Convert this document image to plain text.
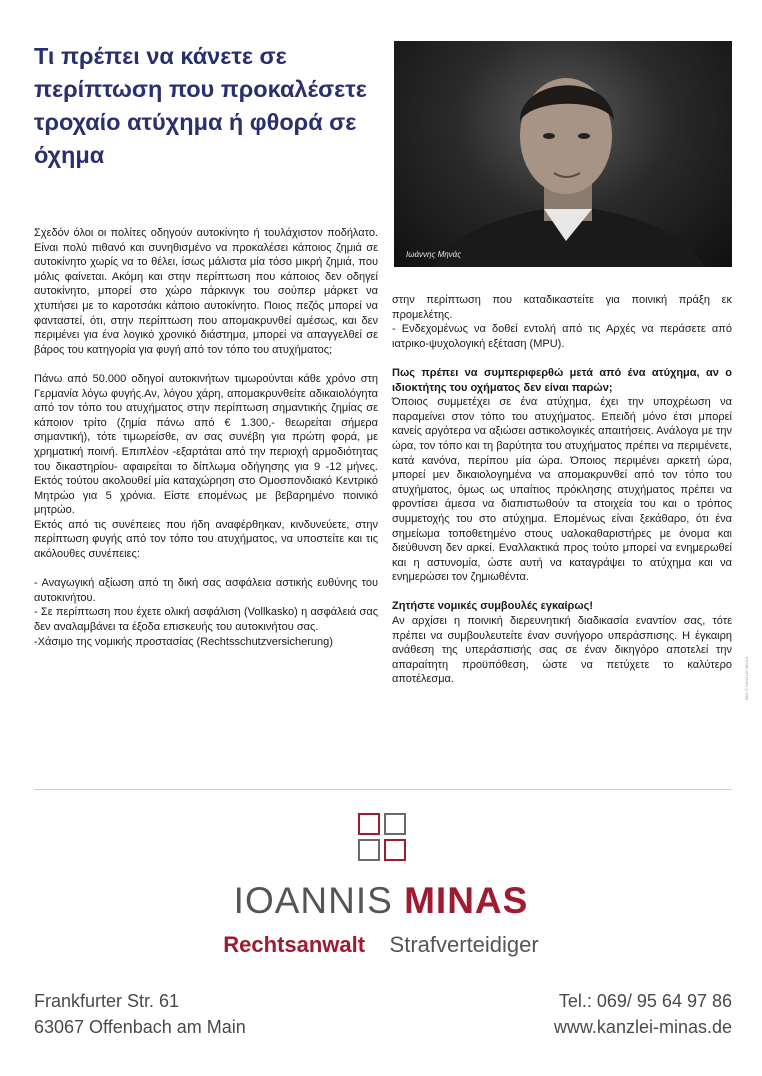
Τι πρέπει να κάνετε σε περίπτωση που προκαλέσετε τροχαίο ατύχημα ή φθορά σε όχημα
Ιωάννης Μηνάς

Σχεδόν όλοι οι πολίτες οδηγούν αυτοκίνητο ή τουλάχιστον ποδήλατο. Είναι πολύ πιθανό και συνηθισμένο να προκαλέσει κάποιος ζημιά σε αυτοκίνητο χωρίς να το θέλει, ίσως μάλιστα μία τόσο μικρή ζημιά, που μόλις φαίνεται. Ακόμη και στην περίπτωση που κάποιος δεν οδηγεί αυτοκίνητο, μπορεί στο χώρο πάρκινγκ του σούπερ μάρκετ να χτυπήσει με το καροτσάκι κάποιο αυτοκίνητο. Ποιος πεζός μπορεί να φανταστεί, ότι, στην περίπτωση που απομακρυνθεί αμέσως, και δεν περιμένει για ένα λογικό χρονικό διάστημα, μπορεί να απαγγελθεί σε βάρος του κατηγορία για φυγή από τον τόπο του ατυχήματος;

Πάνω από 50.000 οδηγοί αυτοκινήτων τιμωρούνται κάθε χρόνο στη Γερμανία λόγω φυγής.Αν, λόγου χάρη, απομακρυνθείτε αδικαιολόγητα από τον τόπο του ατυχήματος στην περίπτωση σημαντικής ζημίας σε κάποιον τρίτο (ζημία πάνω από € 1.300,- θεωρείται σήμερα σημαντική), τότε τιμωρείσθε, αν σας συνέβη για πρώτη φορά, με χρηματική ποινή. Επιπλέον -εξαρτάται από την περιοχή αρμοδιότητας του δικαστηρίου- αφαιρείται το δίπλωμα οδήγησης για 9 -12 μήνες. Εκτός τούτου ακολουθεί μία καταχώρηση στο Ομοσπονδιακό Κεντρικό Μητρώο για 5 χρόνια. Είστε επομένως με βεβαρημένο ποινικό μητρώο.

Εκτός από τις συνέπειες που ήδη αναφέρθηκαν, κινδυνεύετε, στην περίπτωση φυγής από τον τόπο του ατυχήματος, να υποστείτε και τις ακόλουθες συνέπειες:

- Αναγωγική αξίωση από τη δική σας ασφάλεια αστικής ευθύνης του αυτοκινήτου.

- Σε περίπτωση που έχετε ολική ασφάλιση (Vollkasko) η ασφάλειά σας δεν αναλαμβάνει τα έξοδα επισκευής του αυτοκινήτου σας.

-Χάσιμο της νομικής προστασίας (Rechtsschutzversicherung)

στην περίπτωση που καταδικαστείτε για ποινική πράξη εκ προμελέτης.

- Ενδεχομένως να δοθεί εντολή από τις Αρχές να περάσετε από ιατρικο-ψυχολογική εξέταση (MPU).

Πως πρέπει να συμπεριφερθώ μετά από ένα ατύχημα, αν ο ιδιοκτήτης του οχήματος δεν είναι παρών;

Όποιος συμμετέχει σε ένα ατύχημα, έχει την υποχρέωση να παραμείνει στον τόπο του ατυχήματος. Επειδή μόνο έτσι μπορεί κανείς αργότερα να αξιώσει αστικολογικές απαιτήσεις. Ανάλογα με την ώρα, τον τόπο και τη βαρύτητα του ατυχήματος πρέπει να περιμένετε, κατά κανόνα, περίπου μία ώρα. Όποιος περιμένει αρκετή ώρα, μπορεί μεν δικαιολογημένα να απομακρυνθεί από τον τόπο του ατυχήματος, όμως ως υπαίτιος πρόκλησης ατυχήματος πρέπει να φροντίσει άμεσα να διαπιστωθούν τα στοιχεία του και ο τρόπος συμμετοχής του στο ατύχημα. Επομένως είναι ξεκάθαρο, ότι ένα σημείωμα τοποθετημένο στους υαλοκαθαριστήρες με όνομα και διεύθυνση δεν αρκεί. Εναλλακτικά προς τούτο μπορεί να ενημερωθεί και η αστυνομία, ώστε αυτή να καταγράψει το ατύχημα και να ενημερώσει τον ζημιωθέντα.

Ζητήστε νομικές συμβουλές εγκαίρως!

Αν αρχίσει η ποινική διερευνητική διαδικασία εναντίον σας, τότε πρέπει να συμβουλευτείτε έναν συνήγορο υπεράσπισης. Η έγκαιρη ανάθεση της υπεράσπισής σας σε έναν δικηγόρο αποτελεί την απαραίτητη προϋπόθεση, ώστε να πετύχετε το καλύτερο αποτέλεσμα.	Bild: © KANZLEI MINAS
IOANNIS MINAS
Rechtsanwalt Strafverteidiger
Frankfurter Str. 61
63067 Offenbach am Main
Tel.: 069/ 95 64 97 86
www.kanzlei-minas.de
